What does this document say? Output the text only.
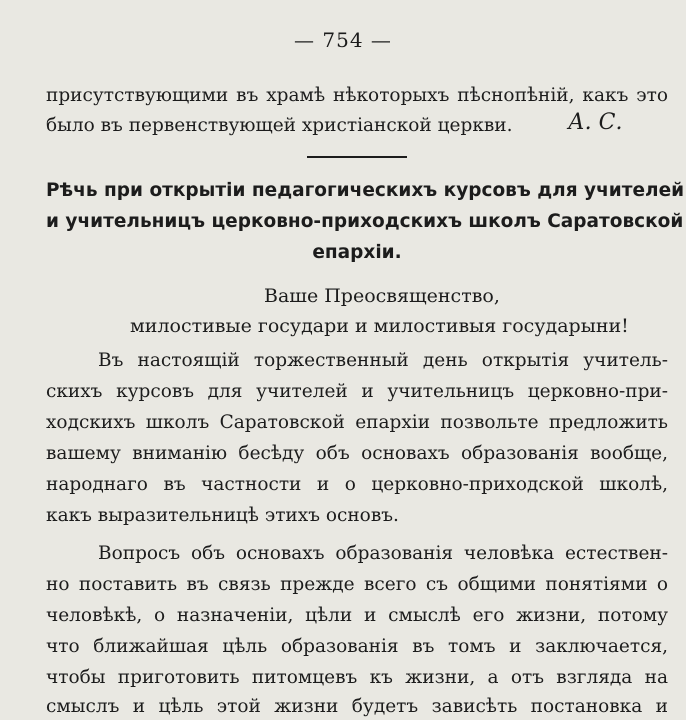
— 754 —
присутствующими въ храмѣ нѣкоторыхъ пѣснопѣній, какъ это
было въ первенствующей христіанской церкви.	А. С.
Рѣчь при открытіи педагогическихъ курсовъ для учителей
и учительницъ церковно-приходскихъ школъ Саратовской
епархіи.
Ваше Преосвященство,
милостивые государи и милостивыя государыни!
Въ настоящій торжественный день открытія учитель-
скихъ курсовъ для учителей и учительницъ церковно-при-
ходскихъ школъ Саратовской епархіи позвольте предложить
вашему вниманію бесѣду объ основахъ образованія вообще,
народнаго въ частности и о церковно-приходской школѣ,
какъ выразительницѣ этихъ основъ.
Вопросъ объ основахъ образованія человѣка естествен-
но поставить въ связь прежде всего съ общими понятіями о
человѣкѣ, о назначеніи, цѣли и смыслѣ его жизни, потому
что ближайшая цѣль образованія въ томъ и заключается,
чтобы приготовить питомцевъ къ жизни, а отъ взгляда на
смыслъ и цѣль этой жизни будетъ зависѣть постановка и
